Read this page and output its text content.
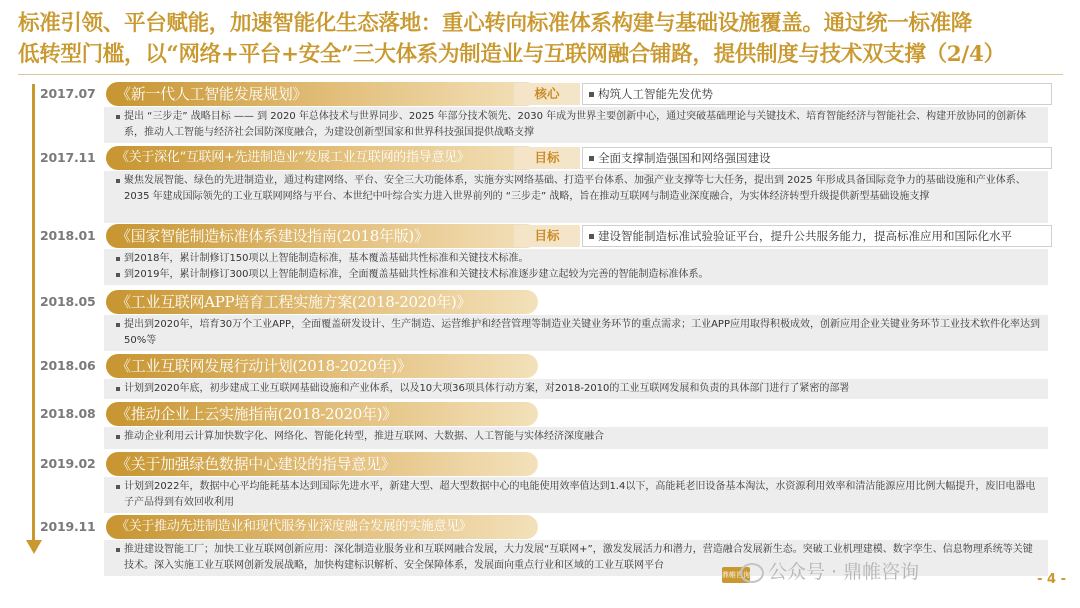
标准引领、平台赋能，加速智能化生态落地：重心转向标准体系构建与基础设施覆盖。通过统一标准降
低转型门槛，以“网络+平台+安全”三大体系为制造业与互联网融合铺路，提供制度与技术双支撑（2/4）
2017.07	《新一代人工智能发展规划》	核心	构筑人工智能先发优势

提出 “三步走” 战略目标 —— 到 2020 年总体技术与世界同步、2025 年部分技术领先、2030 年成为世界主要创新中心，通过突破基础理论与关键技术、培育智能经济与智能社会、构建开放协同的创新体系，推动人工智能与经济社会国防深度融合，为建设创新型国家和世界科技强国提供战略支撑

2017.11	《关于深化“互联网+先进制造业”发展工业互联网的指导意见》	目标	全面支撑制造强国和网络强国建设

聚焦发展智能、绿色的先进制造业，通过构建网络、平台、安全三大功能体系，实施夯实网络基础、打造平台体系、加强产业支撑等七大任务，提出到 2025 年形成具备国际竞争力的基础设施和产业体系、2035 年建成国际领先的工业互联网网络与平台、本世纪中叶综合实力进入世界前列的 “三步走” 战略，旨在推动互联网与制造业深度融合，为实体经济转型升级提供新型基础设施支撑

2018.01	《国家智能制造标准体系建设指南(2018年版)》	目标	建设智能制造标准试验验证平台，提升公共服务能力，提高标准应用和国际化水平

到2018年，累计制修订150项以上智能制造标准，基本覆盖基础共性标准和关键技术标准。

到2019年，累计制修订300项以上智能制造标准，全面覆盖基础共性标准和关键技术标准逐步建立起较为完善的智能制造标准体系。

2018.05	《工业互联网APP培育工程实施方案(2018-2020年)》

提出到2020年，培育30万个工业APP，全面覆盖研发设计、生产制造、运营维护和经营管理等制造业关键业务环节的重点需求；工业APP应用取得积极成效，创新应用企业关键业务环节工业技术软件化率达到50%等

2018.06	《工业互联网发展行动计划(2018-2020年)》

计划到2020年底，初步建成工业互联网基础设施和产业体系，以及10大项36项具体行动方案，对2018-2010的工业互联网发展和负责的具体部门进行了紧密的部署

2018.08	《推动企业上云实施指南(2018-2020年)》

推动企业利用云计算加快数字化、网络化、智能化转型，推进互联网、大数据、人工智能与实体经济深度融合

2019.02	《关于加强绿色数据中心建设的指导意见》

计划到2022年，数据中心平均能耗基本达到国际先进水平，新建大型、超大型数据中心的电能使用效率值达到1.4以下，高能耗老旧设备基本淘汰，水资源利用效率和清洁能源应用比例大幅提升，废旧电器电子产品得到有效回收利用

2019.11	《关于推动先进制造业和现代服务业深度融合发展的实施意见》

推进建设智能工厂；加快工业互联网创新应用：深化制造业服务业和互联网融合发展，大力发展“互联网+”，激发发展活力和潜力，营造融合发展新生态。突破工业机理建模、数字孪生、信息物理系统等关键技术。深入实施工业互联网创新发展战略，加快构建标识解析、安全保障体系，发展面向重点行业和区域的工业互联网平台

鼎帷咨询 公众号 · 鼎帷咨询	- 4 -
